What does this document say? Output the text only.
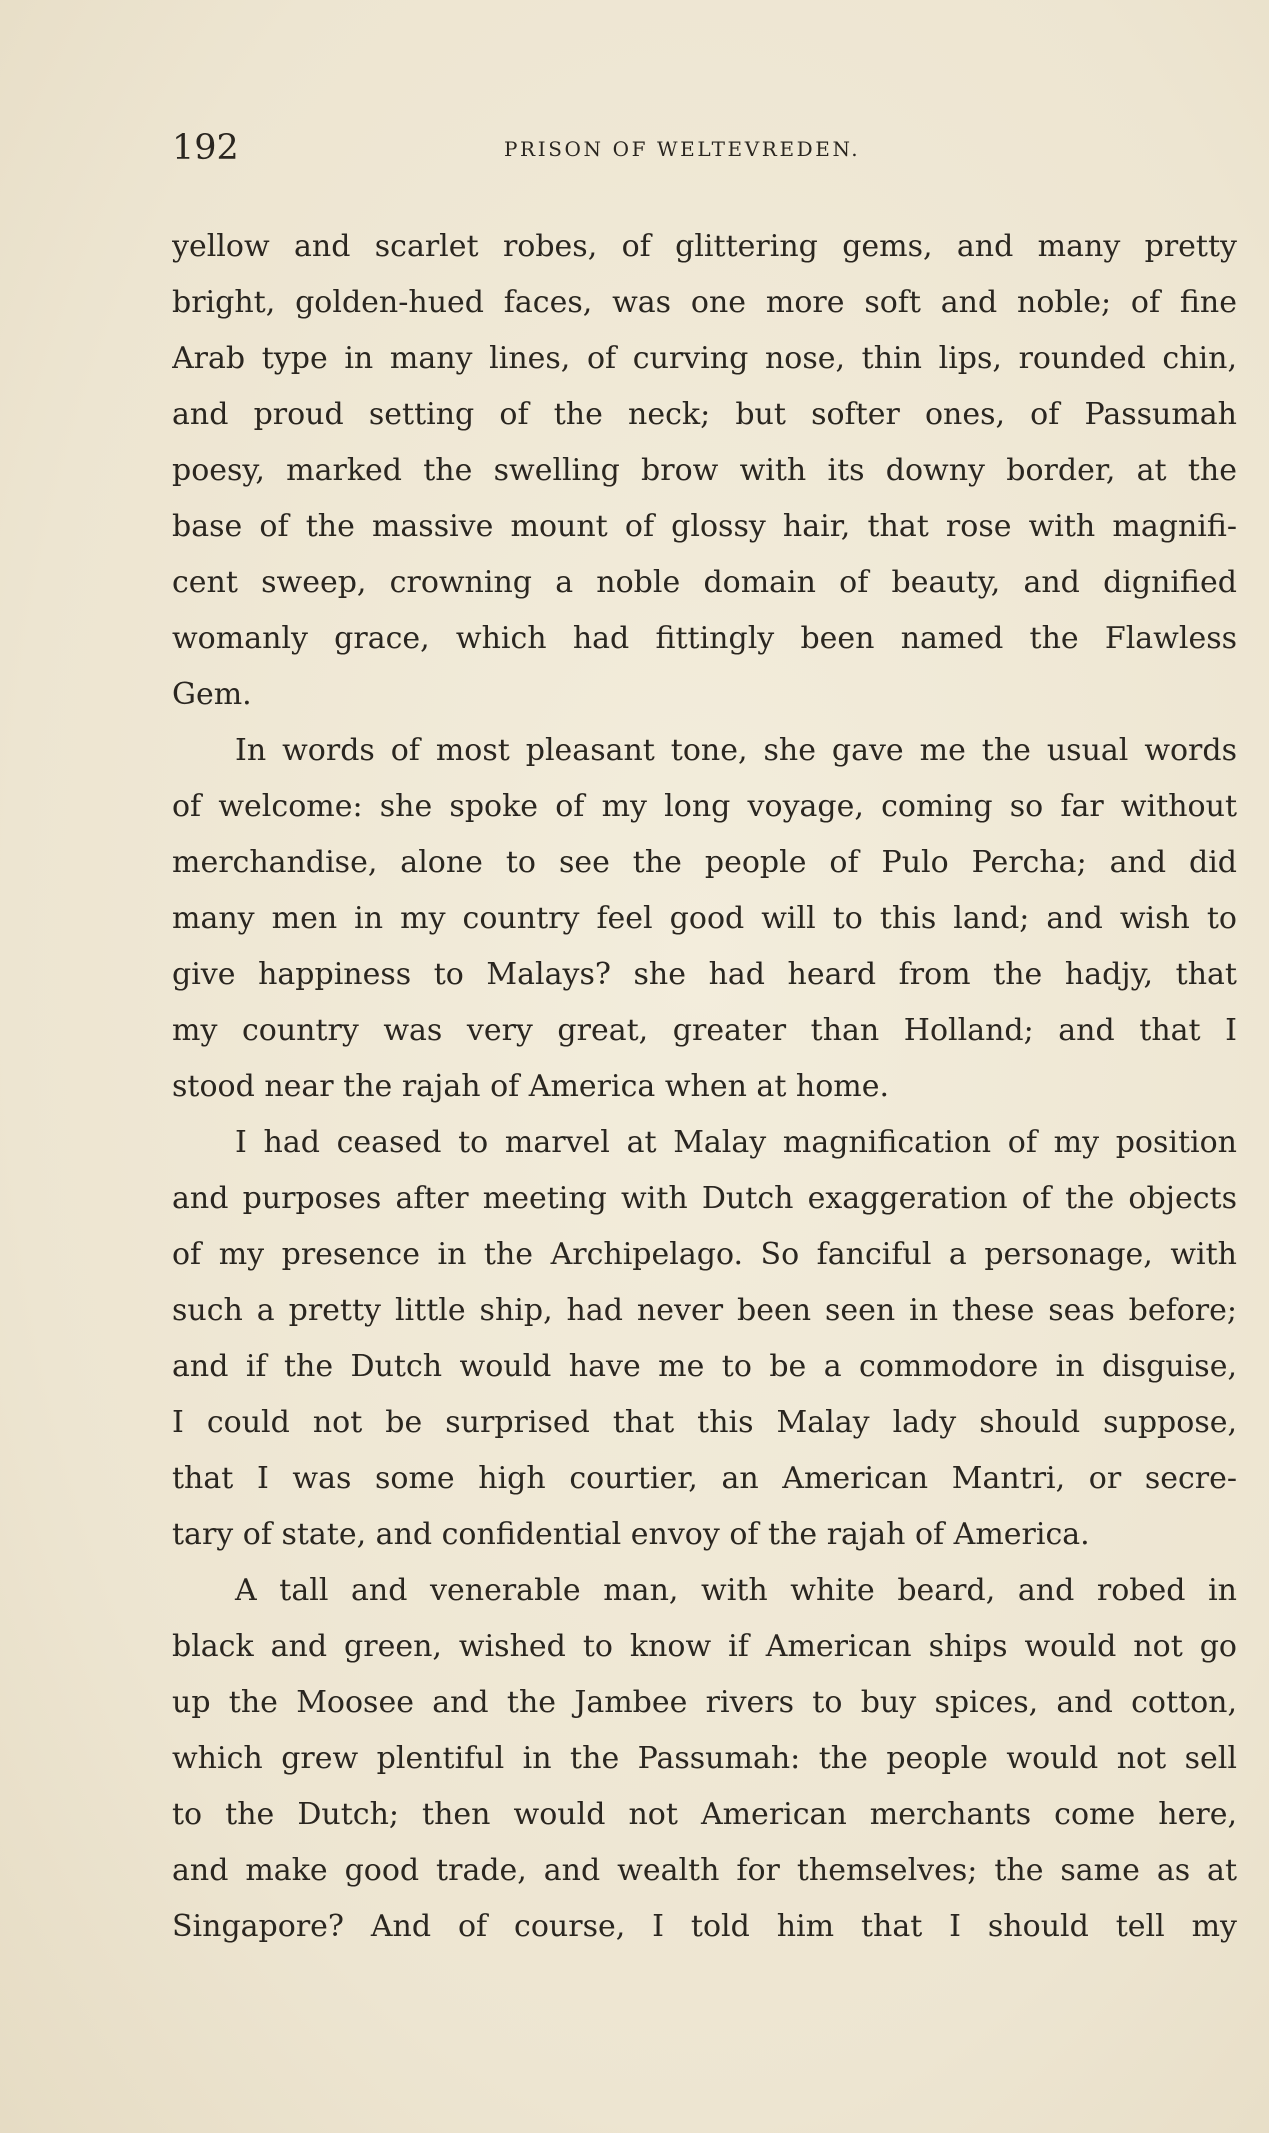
192	PRISON OF WELTEVREDEN.
yellow and scarlet robes, of glittering gems, and many pretty
bright, golden-hued faces, was one more soft and noble; of fine
Arab type in many lines, of curving nose, thin lips, rounded chin,
and proud setting of the neck; but softer ones, of Passumah
poesy, marked the swelling brow with its downy border, at the
base of the massive mount of glossy hair, that rose with magnifi-
cent sweep, crowning a noble domain of beauty, and dignified
womanly grace, which had fittingly been named the Flawless
Gem.
In words of most pleasant tone, she gave me the usual words
of welcome: she spoke of my long voyage, coming so far without
merchandise, alone to see the people of Pulo Percha; and did
many men in my country feel good will to this land; and wish to
give happiness to Malays? she had heard from the hadjy, that
my country was very great, greater than Holland; and that I
stood near the rajah of America when at home.
I had ceased to marvel at Malay magnification of my position
and purposes after meeting with Dutch exaggeration of the objects
of my presence in the Archipelago. So fanciful a personage, with
such a pretty little ship, had never been seen in these seas before;
and if the Dutch would have me to be a commodore in disguise,
I could not be surprised that this Malay lady should suppose,
that I was some high courtier, an American Mantri, or secre-
tary of state, and confidential envoy of the rajah of America.
A tall and venerable man, with white beard, and robed in
black and green, wished to know if American ships would not go
up the Moosee and the Jambee rivers to buy spices, and cotton,
which grew plentiful in the Passumah: the people would not sell
to the Dutch; then would not American merchants come here,
and make good trade, and wealth for themselves; the same as at
Singapore? And of course, I told him that I should tell my
